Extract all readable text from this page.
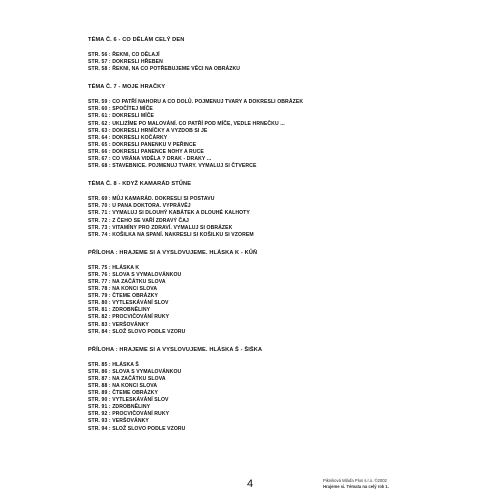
TÉMA Č. 6 - CO DĚLÁM CELÝ DEN
STR. 56 : ŘEKNI, CO DĚLAJÍ
STR. 57 : DOKRESLI HŘEBEN
STR. 58 : ŘEKNI, NA CO POTŘEBUJEME VĚCI NA OBRÁZKU
TÉMA Č. 7 - MOJE HRAČKY
STR. 59 : CO PATŘÍ NAHORU A CO DOLŮ. POJMENUJ TVARY A DOKRESLI OBRÁZEK
STR. 60 : SPOČÍTEJ MÍČE
STR. 61 : DOKRESLI MÍČE
STR. 62 : UKLIZÍME PO MALOVÁNÍ. CO PATŘÍ POD MÍČE, VEDLE HRNEČKU ...
STR. 63 : DOKRESLI HRNÍČKY A VYZDOB SI JE
STR. 64 : DOKRESLI KOČÁRKY
STR. 65 : DOKRESLI PANENKU V PEŘINCE
STR. 66 : DOKRESLI PANENCE NOHY A RUCE
STR. 67 : CO VRÁNA VIDĚLA ? DRAK - DRAKY ...
STR. 68 : STAVEBNICE. POJMENUJ TVARY. VYMALUJ SI ČTVERCE
TÉMA Č. 8 - KDYŽ KAMARÁD STŮNE
STR. 69 : MŮJ KAMARÁD. DOKRESLI SI POSTAVU
STR. 70 : U PANA DOKTORA. VYPRÁVĚJ
STR. 71 : VYMALUJ SI DLOUHÝ KABÁTEK A DLOUHÉ KALHOTY
STR. 72 : Z ČEHO SE VAŘÍ ZDRAVÝ ČAJ
STR. 73 : VITAMÍNY PRO ZDRAVÍ. VYMALUJ SI OBRÁZEK
STR. 74 : KOŠILKA NA SPANÍ. NAKRESLI SI KOŠILKU SI VZOREM
PŘÍLOHA : HRAJEME SI A VYSLOVUJEME. HLÁSKA K - KŮŇ
STR. 75 : HLÁSKA K
STR. 76 : SLOVA S VYMALOVÁNKOU
STR. 77 : NA ZAČÁTKU SLOVA
STR. 78 : NA KONCI SLOVA
STR. 79 : ČTEME OBRÁZKY
STR. 80 : VYTLESKÁVÁNÍ SLOV
STR. 81 : ZDROBNĚLINY
STR. 82 : PROCVIČOVÁNÍ RUKY
STR. 83 : VERŠOVÁNKY
STR. 84 : SLOŽ SLOVO PODLE VZORU
PŘÍLOHA : HRAJEME SI A VYSLOVUJEME. HLÁSKA Š - ŠIŠKA
STR. 85 : HLÁSKA Š
STR. 86 : SLOVA S VYMALOVÁNKOU
STR. 87 : NA ZAČÁTKU SLOVA
STR. 88 : NA KONCI SLOVA
STR. 89 : ČTEME OBRÁZKY
STR. 90 : VYTLESKÁVÁNÍ SLOV
STR. 91 : ZDROBNĚLINY
STR. 92 : PROCVIČOVÁNÍ RUKY
STR. 93 : VERŠOVÁNKY
STR. 94 : SLOŽ SLOVO PODLE VZORU
4	Pikniková Mláďa Plus s.r.o. ©2002
Hrajeme si. Témata na celý rok 1.
